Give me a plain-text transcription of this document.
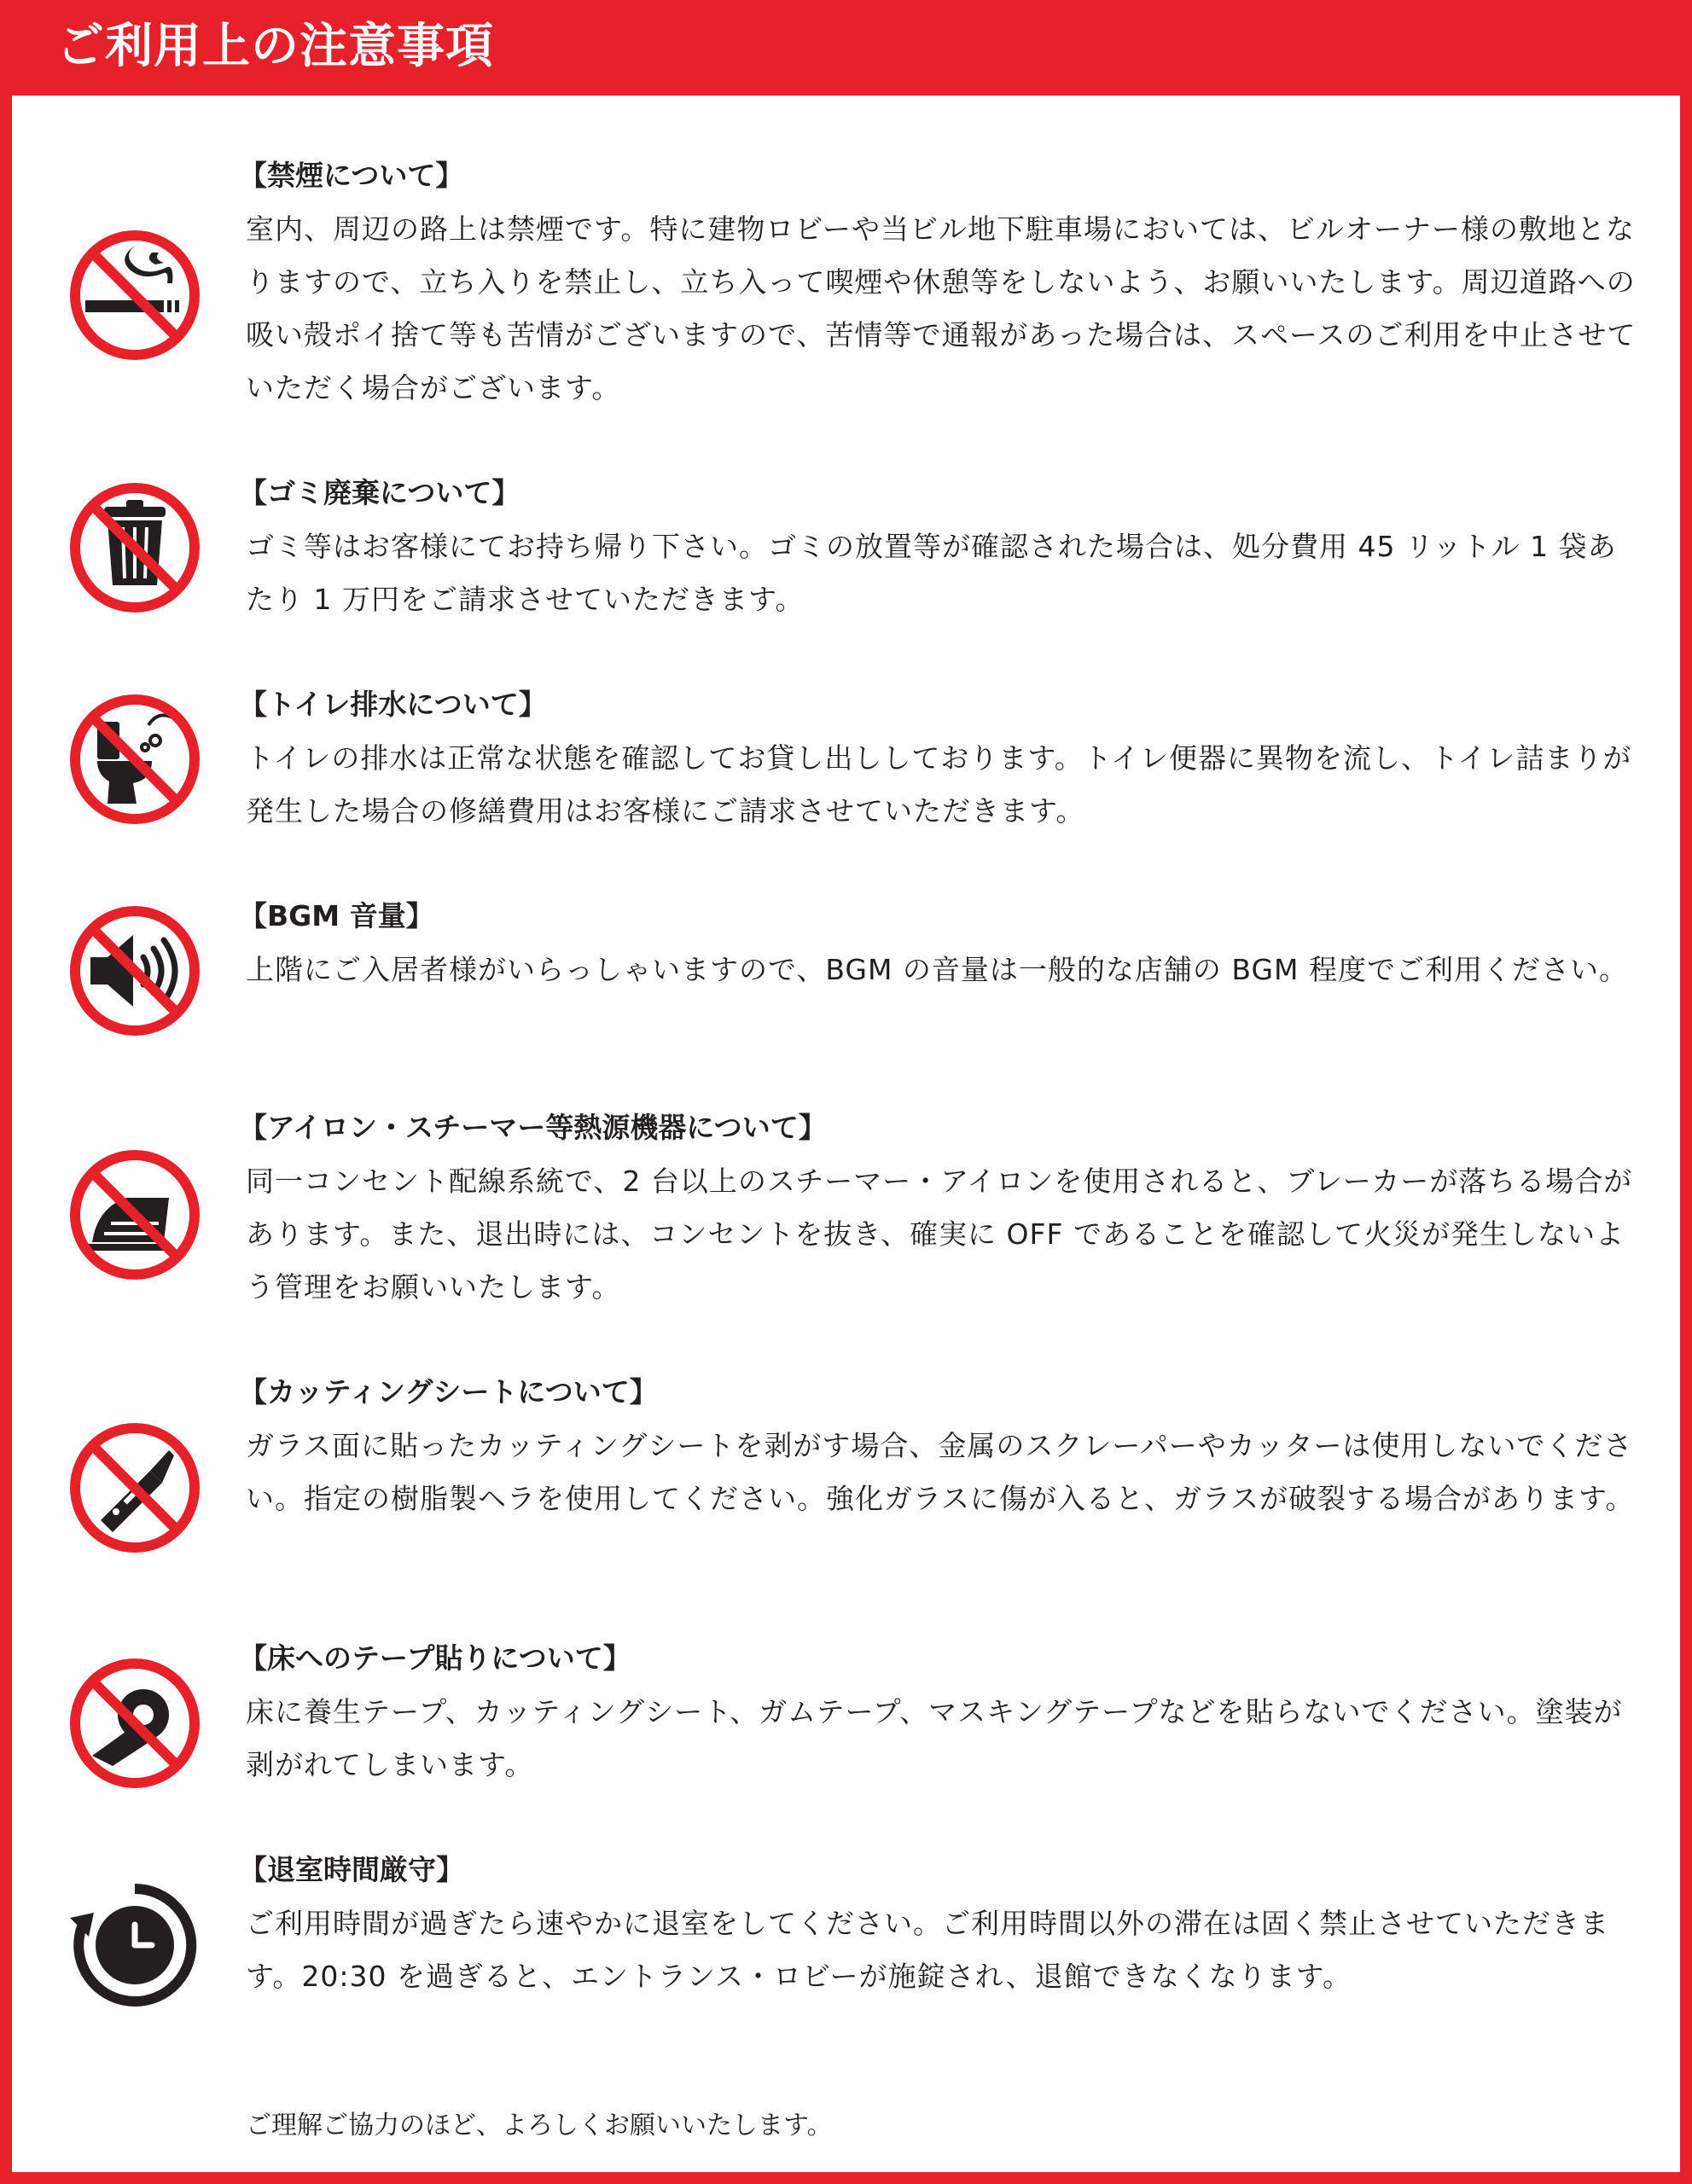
ご利用上の注意事項
【禁煙について】
室内、周辺の路上は禁煙です。特に建物ロビーや当ビル地下駐車場においては、ビルオーナー様の敷地となりますので、立ち入りを禁止し、立ち入って喫煙や休憩等をしないよう、お願いいたします。周辺道路への吸い殻ポイ捨て等も苦情がございますので、苦情等で通報があった場合は、スペースのご利用を中止させていただく場合がございます。
【ゴミ廃棄について】
ゴミ等はお客様にてお持ち帰り下さい。ゴミの放置等が確認された場合は、処分費用 45 リットル 1 袋あたり 1 万円をご請求させていただきます。
【トイレ排水について】
トイレの排水は正常な状態を確認してお貸し出ししております。トイレ便器に異物を流し、トイレ詰まりが発生した場合の修繕費用はお客様にご請求させていただきます。
【BGM 音量】
上階にご入居者様がいらっしゃいますので、BGM の音量は一般的な店舗の BGM 程度でご利用ください。
【アイロン・スチーマー等熱源機器について】
同一コンセント配線系統で、2 台以上のスチーマー・アイロンを使用されると、ブレーカーが落ちる場合があります。また、退出時には、コンセントを抜き、確実に OFF であることを確認して火災が発生しないよう管理をお願いいたします。
【カッティングシートについて】
ガラス面に貼ったカッティングシートを剥がす場合、金属のスクレーパーやカッターは使用しないでください。指定の樹脂製ヘラを使用してください。強化ガラスに傷が入ると、ガラスが破裂する場合があります。
【床へのテープ貼りについて】
床に養生テープ、カッティングシート、ガムテープ、マスキングテープなどを貼らないでください。塗装が剥がれてしまいます。
【退室時間厳守】
ご利用時間が過ぎたら速やかに退室をしてください。ご利用時間以外の滞在は固く禁止させていただきます。20:30 を過ぎると、エントランス・ロビーが施錠され、退館できなくなります。
ご理解ご協力のほど、よろしくお願いいたします。
